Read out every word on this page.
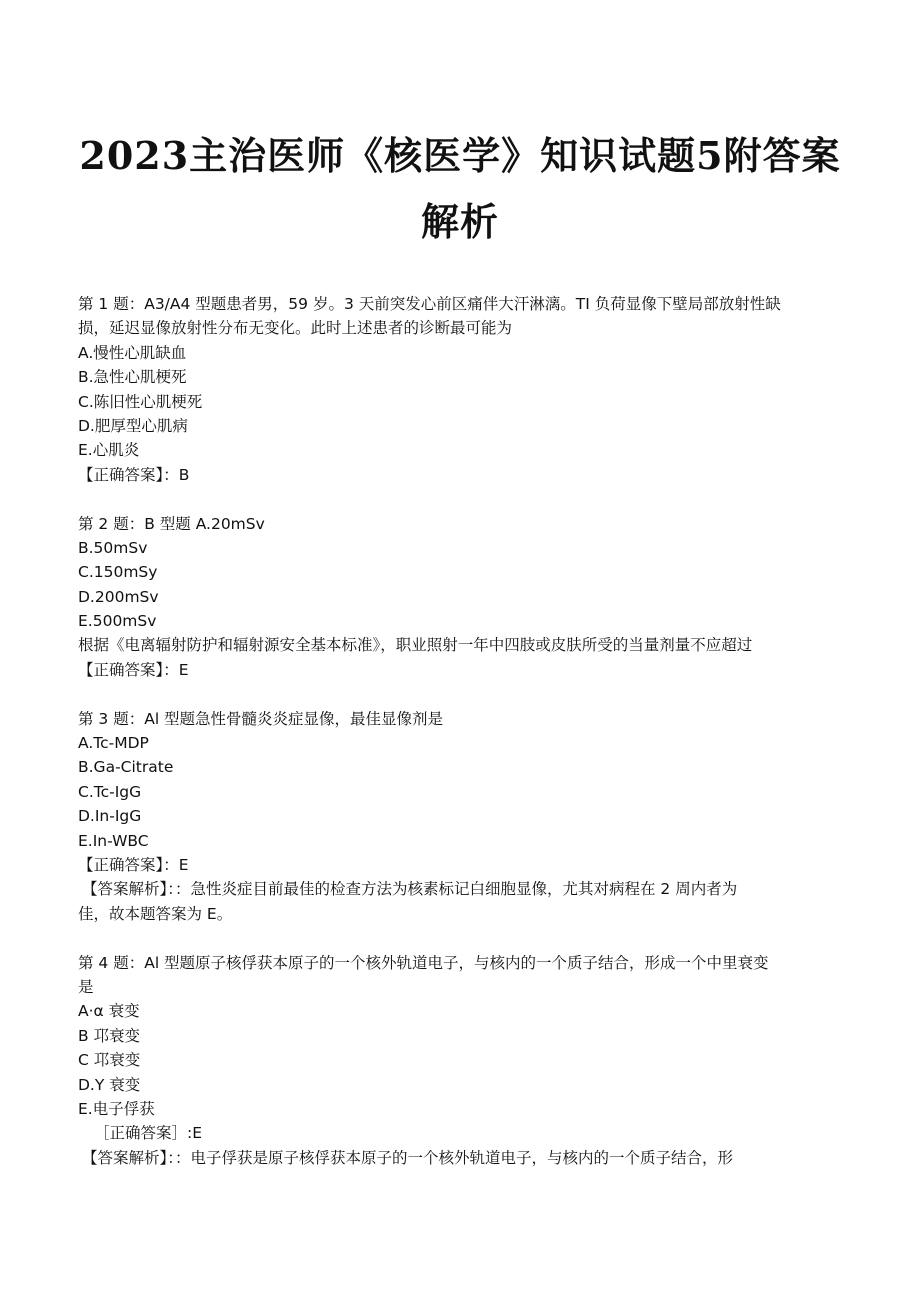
2023主治医师《核医学》知识试题5附答案
解析
第 1 题：A3/A4 型题患者男，59 岁。3 天前突发心前区痛伴大汗淋漓。TI 负荷显像下壁局部放射性缺
损，延迟显像放射性分布无变化。此时上述患者的诊断最可能为
A.慢性心肌缺血
B.急性心肌梗死
C.陈旧性心肌梗死
D.肥厚型心肌病
E.心肌炎
【正确答案】：B
第 2 题：B 型题 A.20mSv
B.50mSv
C.150mSy
D.200mSv
E.500mSv
根据《电离辐射防护和辐射源安全基本标准》，职业照射一年中四肢或皮肤所受的当量剂量不应超过
【正确答案】：E
第 3 题：Al 型题急性骨髓炎炎症显像，最佳显像剂是
A.Tc-MDP
B.Ga-Citrate
C.Tc-IgG
D.In-IgG
E.In-WBC
【正确答案】：E
【答案解析】：：急性炎症目前最佳的检查方法为核素标记白细胞显像，尤其对病程在 2 周内者为
佳，故本题答案为 E。
第 4 题：Al 型题原子核俘获本原子的一个核外轨道电子，与核内的一个质子结合，形成一个中里衰变
是
A·α 衰变
B 邛衰变
C 邛衰变
D.Y 衰变
E.电子俘获
［正确答案］:E
【答案解析】：：电子俘获是原子核俘获本原子的一个核外轨道电子，与核内的一个质子结合，形
